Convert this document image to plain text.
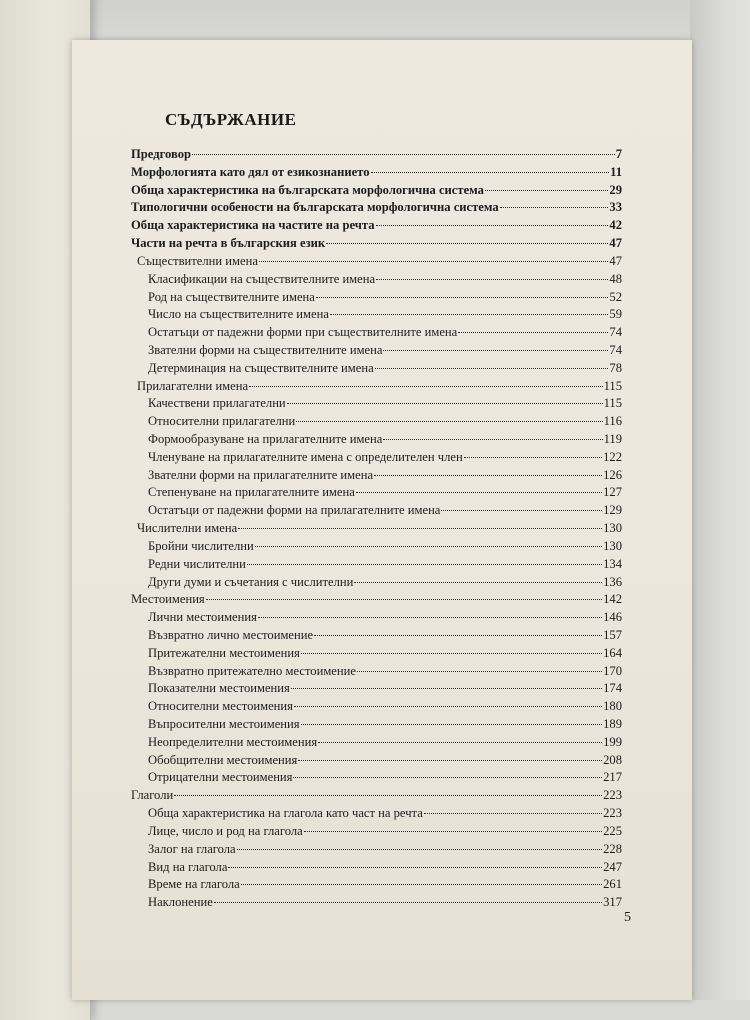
СЪДЪРЖАНИЕ
Предговор	7
Морфологията като дял от езикознанието	11
Обща характеристика на българската морфологична система	29
Типологични особености на българската морфологична система	33
Обща характеристика на частите на речта	42
Части на речта в българския език	47
Съществителни имена	47
Класификации на съществителните имена	48
Род на съществителните имена	52
Число на съществителните имена	59
Остатъци от падежни форми при съществителните имена	74
Звателни форми на съществителните имена	74
Детерминация на съществителните имена	78
Прилагателни имена	115
Качествени прилагателни	115
Относителни прилагателни	116
Формообразуване на прилагателните имена	119
Членуване на прилагателните имена с определителен член	122
Звателни форми на прилагателните имена	126
Степенуване на прилагателните имена	127
Остатъци от падежни форми на прилагателните имена	129
Числителни имена	130
Бройни числителни	130
Редни числителни	134
Други думи и съчетания с числителни	136
Местоимения	142
Лични местоимения	146
Възвратно лично местоимение	157
Притежателни местоимения	164
Възвратно притежателно местоимение	170
Показателни местоимения	174
Относителни местоимения	180
Въпросителни местоимения	189
Неопределителни местоимения	199
Обобщителни местоимения	208
Отрицателни местоимения	217
Глаголи	223
Обща характеристика на глагола като част на речта	223
Лице, число и род на глагола	225
Залог на глагола	228
Вид на глагола	247
Време на глагола	261
Наклонение	317
5
